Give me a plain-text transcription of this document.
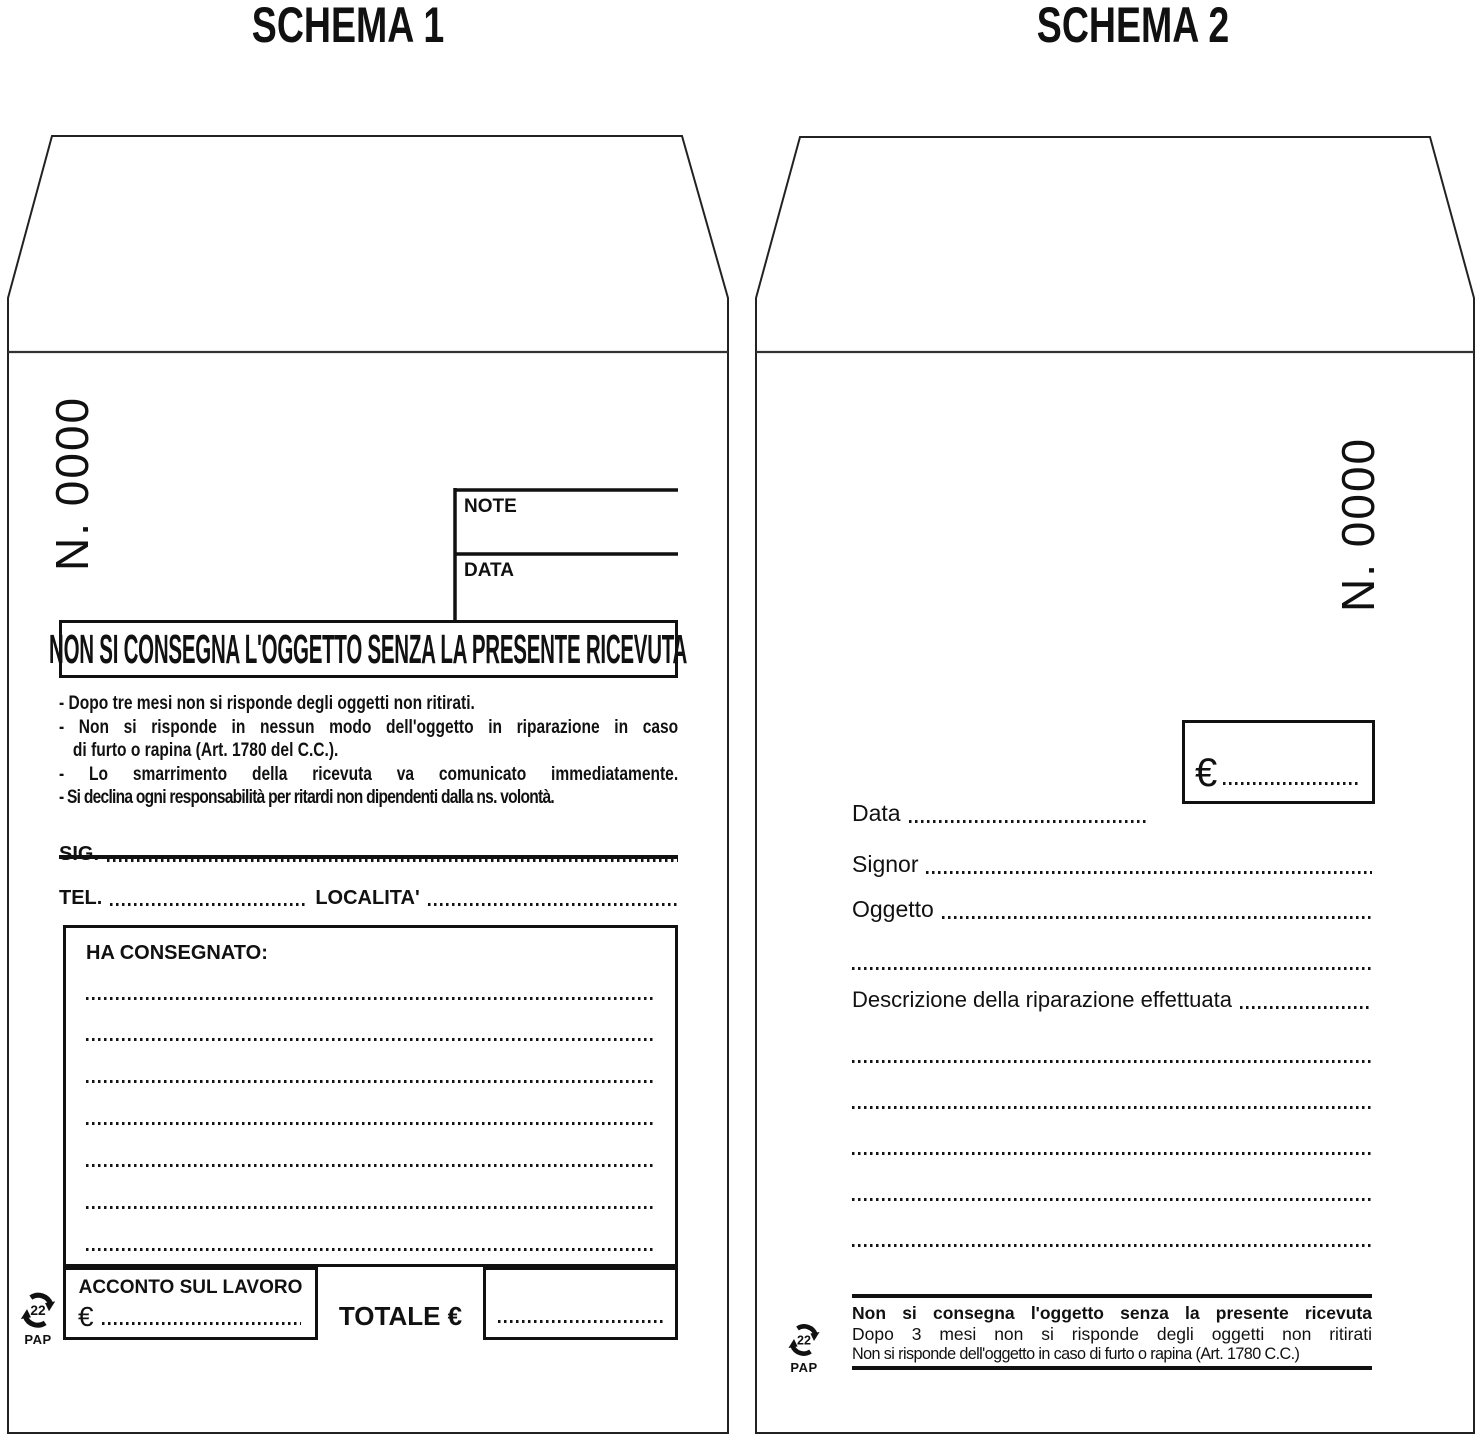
SCHEMA 1	SCHEMA 2
N. 0000	NOTE
DATA
NON SI CONSEGNA L'OGGETTO SENZA LA PRESENTE RICEVUTA
- Dopo tre mesi non si risponde degli oggetti non ritirati.
- Non si risponde in nessun modo dell'oggetto in riparazione in caso
di furto o rapina (Art. 1780 del C.C.).
- Lo smarrimento della ricevuta va comunicato immediatamente.
- Si declina ogni responsabilità per ritardi non dipendenti dalla ns. volontà.
SIG.
TEL.	LOCALITA'
HA CONSEGNATO:
ACCONTO SUL LAVORO
€	TOTALE €
22
PAP
N. 0000
€
Data
Signor
Oggetto
Descrizione della riparazione effettuata
Non si consegna l'oggetto senza la presente ricevuta
Dopo 3 mesi non si risponde degli oggetti non ritirati
Non si risponde dell'oggetto in caso di furto o rapina (Art. 1780 C.C.)
22
PAP
